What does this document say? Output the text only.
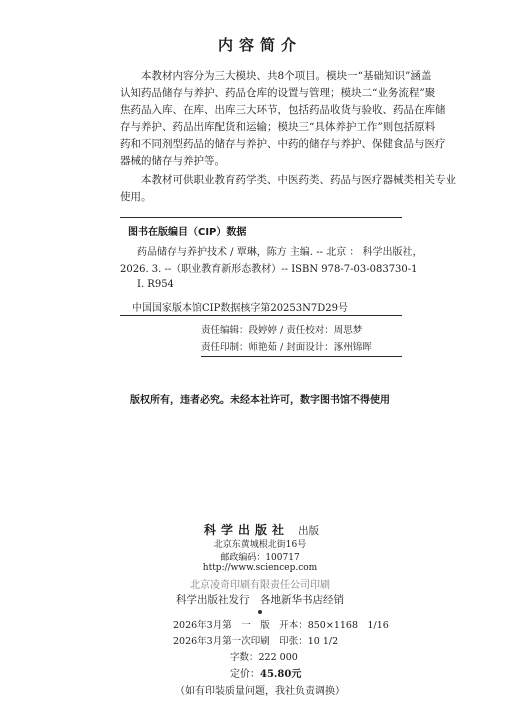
内容简介
本教材内容分为三大模块、共8个项目。模块一“基础知识”涵盖
认知药品储存与养护、药品仓库的设置与管理；模块二“业务流程”聚
焦药品入库、在库、出库三大环节，包括药品收货与验收、药品在库储
存与养护、药品出库配货和运输；模块三“具体养护工作”则包括原料
药和不同剂型药品的储存与养护、中药的储存与养护、保健食品与医疗
器械的储存与养护等。
本教材可供职业教育药学类、中医药类、药品与医疗器械类相关专业
使用。
图书在版编目（CIP）数据
药品储存与养护技术 / 覃琳，陈方 主编. -- 北京 ： 科学出版社，
2026. 3. --（职业教育新形态教材）-- ISBN 978-7-03-083730-1
Ⅰ. R954
中国国家版本馆CIP数据核字第20253N7D29号
责任编辑：段婷婷 / 责任校对：周思梦
责任印制：师艳茹 / 封面设计：涿州锦晖
版权所有，违者必究。未经本社许可，数字图书馆不得使用
科学出版社 出版
北京东黄城根北街16号
邮政编码：100717
http://www.sciencep.com
北京凌奇印刷有限责任公司印刷
科学出版社发行　各地新华书店经销
2026年3月第　一　版　开本：850×1168　1/16
2026年3月第一次印刷　印张：10 1/2
字数：222 000
定价：45.80元
（如有印装质量问题，我社负责调换）
